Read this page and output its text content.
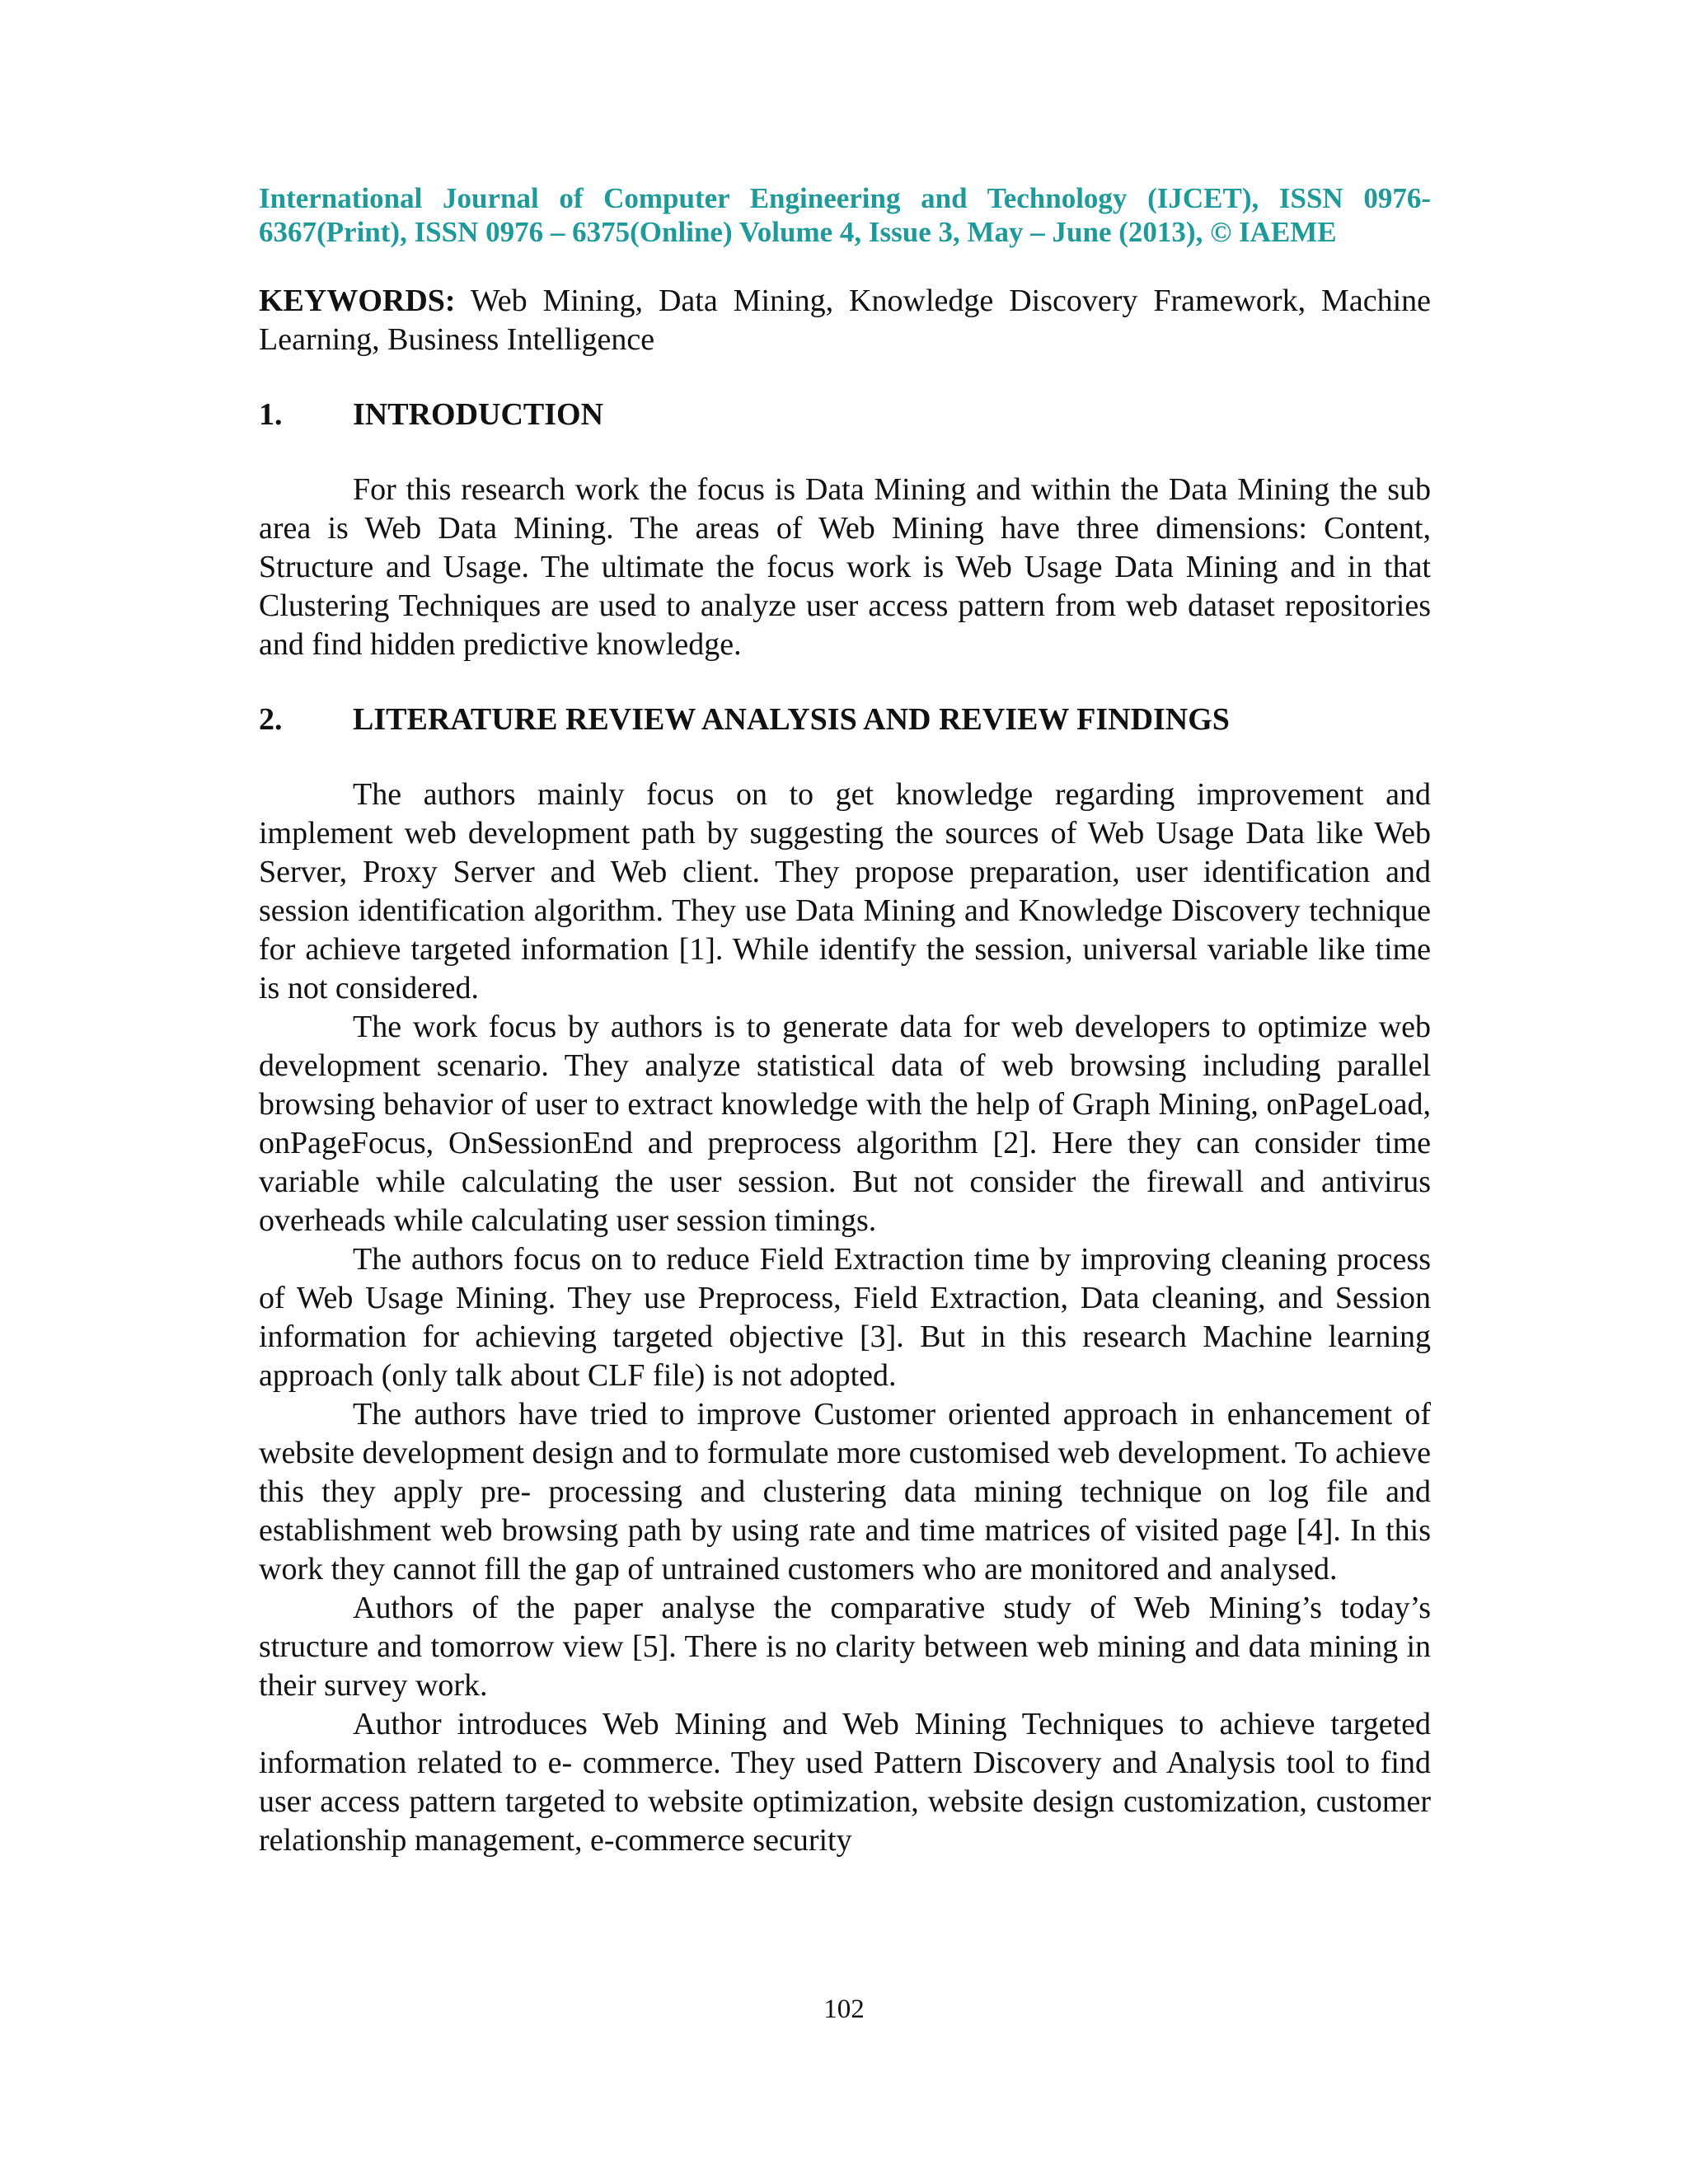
International Journal of Computer Engineering and Technology (IJCET), ISSN 0976-6367(Print), ISSN 0976 – 6375(Online) Volume 4, Issue 3, May – June (2013), © IAEME

KEYWORDS: Web Mining, Data Mining, Knowledge Discovery Framework, Machine Learning, Business Intelligence

1.	INTRODUCTION

For this research work the focus is Data Mining and within the Data Mining the sub area is Web Data Mining. The areas of Web Mining have three dimensions: Content, Structure and Usage. The ultimate the focus work is Web Usage Data Mining and in that Clustering Techniques are used to analyze user access pattern from web dataset repositories and find hidden predictive knowledge.

2.	LITERATURE REVIEW ANALYSIS AND REVIEW FINDINGS

The authors mainly focus on to get knowledge regarding improvement and implement web development path by suggesting the sources of Web Usage Data like Web Server, Proxy Server and Web client. They propose preparation, user identification and session identification algorithm. They use Data Mining and Knowledge Discovery technique for achieve targeted information [1]. While identify the session, universal variable like time is not considered.

The work focus by authors is to generate data for web developers to optimize web development scenario. They analyze statistical data of web browsing including parallel browsing behavior of user to extract knowledge with the help of Graph Mining, onPageLoad, onPageFocus, OnSessionEnd and preprocess algorithm [2]. Here they can consider time variable while calculating the user session. But not consider the firewall and antivirus overheads while calculating user session timings.

The authors focus on to reduce Field Extraction time by improving cleaning process of Web Usage Mining. They use Preprocess, Field Extraction, Data cleaning, and Session information for achieving targeted objective [3]. But in this research Machine learning approach (only talk about CLF file) is not adopted.

The authors have tried to improve Customer oriented approach in enhancement of website development design and to formulate more customised web development. To achieve this they apply pre- processing and clustering data mining technique on log file and establishment web browsing path by using rate and time matrices of visited page [4]. In this work they cannot fill the gap of untrained customers who are monitored and analysed.

Authors of the paper analyse the comparative study of Web Mining’s today’s structure and tomorrow view [5]. There is no clarity between web mining and data mining in their survey work.

Author introduces Web Mining and Web Mining Techniques to achieve targeted information related to e- commerce. They used Pattern Discovery and Analysis tool to find user access pattern targeted to website optimization, website design customization, customer relationship management, e-commerce security

102
